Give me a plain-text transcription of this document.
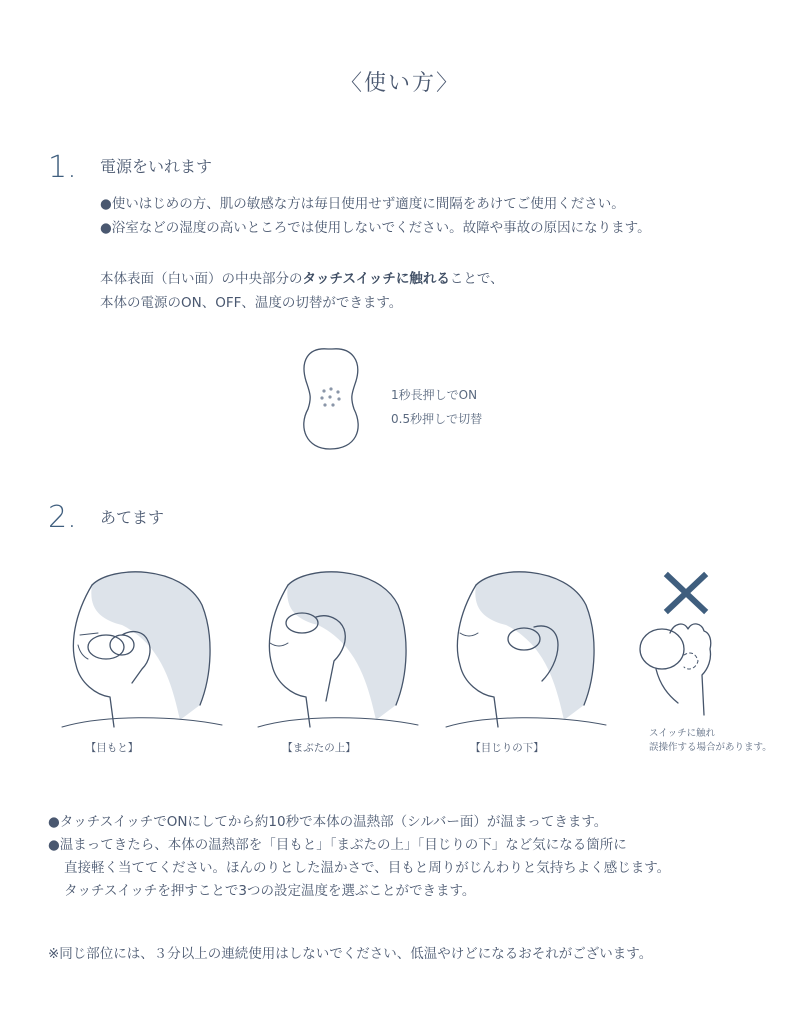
〈使い方〉
1. 電源をいれます
●使いはじめの方、肌の敏感な方は毎日使用せず適度に間隔をあけてご使用ください。
●浴室などの湿度の高いところでは使用しないでください。故障や事故の原因になります。
本体表面（白い面）の中央部分のタッチスイッチに触れることで、
本体の電源のON、OFF、温度の切替ができます。
1秒長押しでON
0.5秒押しで切替
2. あてます
【目もと】	【まぶたの上】	【目じりの下】
スイッチに触れ
誤操作する場合があります。
●タッチスイッチでONにしてから約10秒で本体の温熱部（シルバー面）が温まってきます。
●温まってきたら、本体の温熱部を「目もと」「まぶたの上」「目じりの下」など気になる箇所に
直接軽く当ててください。ほんのりとした温かさで、目もと周りがじんわりと気持ちよく感じます。
タッチスイッチを押すことで3つの設定温度を選ぶことができます。
※同じ部位には、３分以上の連続使用はしないでください、低温やけどになるおそれがございます。
